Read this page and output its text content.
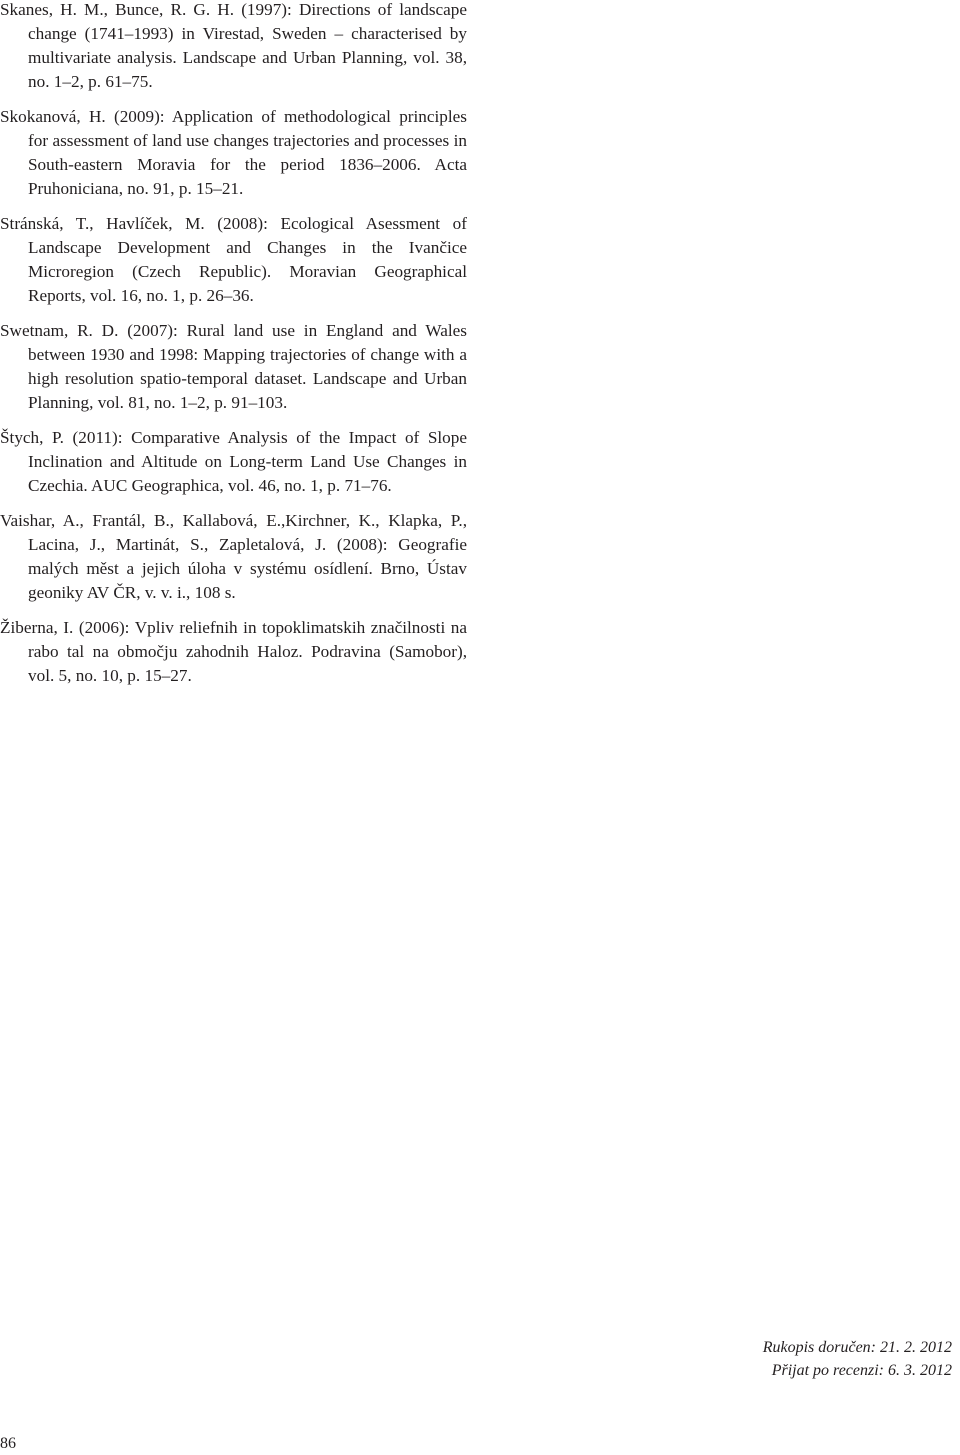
Skanes, H. M., Bunce, R. G. H. (1997): Directions of landscape change (1741–1993) in Virestad, Sweden – characterised by multivariate analysis. Landscape and Urban Planning, vol. 38, no. 1–2, p. 61–75.

Skokanová, H. (2009): Application of methodological principles for assessment of land use changes trajectories and processes in South-eastern Moravia for the period 1836–2006. Acta Pruhoniciana, no. 91, p. 15–21.

Stránská, T., Havlíček, M. (2008): Ecological Asessment of Landscape Development and Changes in the Ivančice Microregion (Czech Republic). Moravian Geographical Reports, vol. 16, no. 1, p. 26–36.

Swetnam, R. D. (2007): Rural land use in England and Wales between 1930 and 1998: Mapping trajectories of change with a high resolution spatio-temporal dataset. Landscape and Urban Planning, vol. 81, no. 1–2, p. 91–103.

Štych, P. (2011): Comparative Analysis of the Impact of Slope Inclination and Altitude on Long-term Land Use Changes in Czechia. AUC Geographica, vol. 46, no. 1, p. 71–76.

Vaishar, A., Frantál, B., Kallabová, E.,Kirchner, K., Klapka, P., Lacina, J., Martinát, S., Zapletalová, J. (2008): Geografie malých měst a jejich úloha v systému osídlení. Brno, Ústav geoniky AV ČR, v. v. i., 108 s.

Žiberna, I. (2006): Vpliv reliefnih in topoklimatskih značilnosti na rabo tal na območju zahodnih Haloz. Podravina (Samobor), vol. 5, no. 10, p. 15–27.

Rukopis doručen: 21. 2. 2012
Přijat po recenzi: 6. 3. 2012
86
